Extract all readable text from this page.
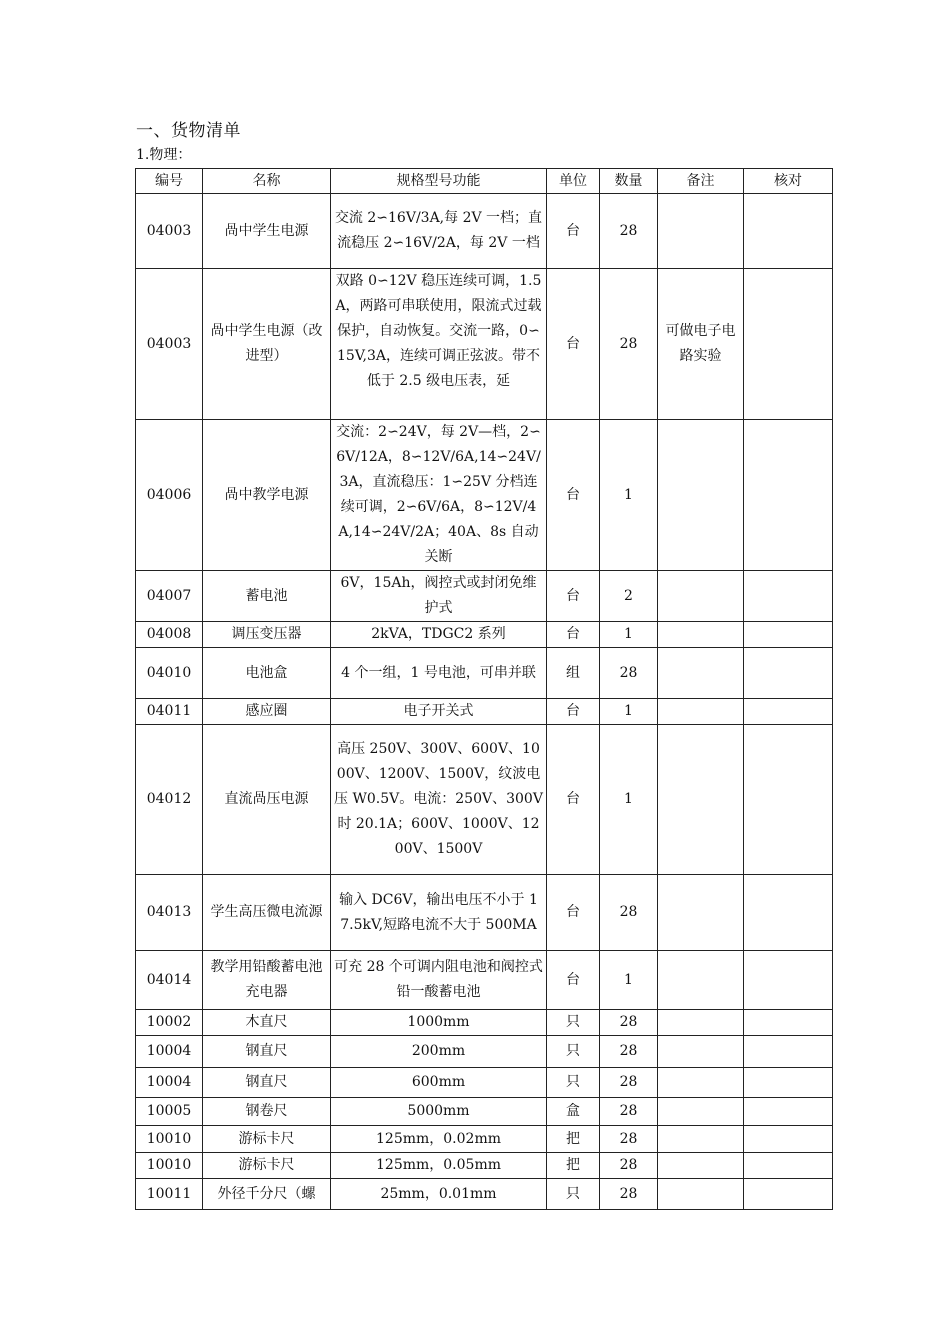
一、货物清单
1.物理：
编号	名称	规格型号功能	单位	数量	备注	核对
04003	咼中学生电源	交流 2∽16V/3A,每 2V 一档；直流稳压 2∽16V/2A，每 2V 一档	台	28		
04003	咼中学生电源（改进型）	双路 0∽12V 稳压连续可调，1.5A，两路可串联使用，限流式过载保护，自动恢复。交流一路，0∽15V,3A，连续可调正弦波。带不低于 2.5 级电压表，延	台	28	可做电子电路实验	
04006	咼中教学电源	交流：2∽24V，每 2V—档，2∽6V/12A，8∽12V/6A,14∽24V/3A，直流稳压：1∽25V 分档连续可调，2∽6V/6A，8∽12V/4A,14∽24V/2A；40A、8s 自动关断	台	1		
04007	蓄电池	6V，15Ah，阀控式或封闭免维护式	台	2		
04008	调压变压器	2kVA，TDGC2 系列	台	1		
04010	电池盒	4 个一组，1 号电池，可串并联	组	28		
04011	感应圈	电子开关式	台	1		
04012	直流咼压电源	高压 250V、300V、600V、1000V、1200V、1500V，纹波电压 W0.5V。电流：250V、300V 时 20.1A；600V、1000V、1200V、1500V	台	1		
04013	学生高压微电流源	输入 DC6V，输出电压不小于 17.5kV,短路电流不大于 500MA	台	28		
04014	教学用铅酸蓄电池充电器	可充 28 个可调内阻电池和阀控式铅一酸蓄电池	台	1		
10002	木直尺	1000mm	只	28		
10004	钢直尺	200mm	只	28		
10004	钢直尺	600mm	只	28		
10005	钢卷尺	5000mm	盒	28		
10010	游标卡尺	125mm，0.02mm	把	28		
10010	游标卡尺	125mm，0.05mm	把	28		
10011	外径千分尺（螺	25mm，0.01mm	只	28		
